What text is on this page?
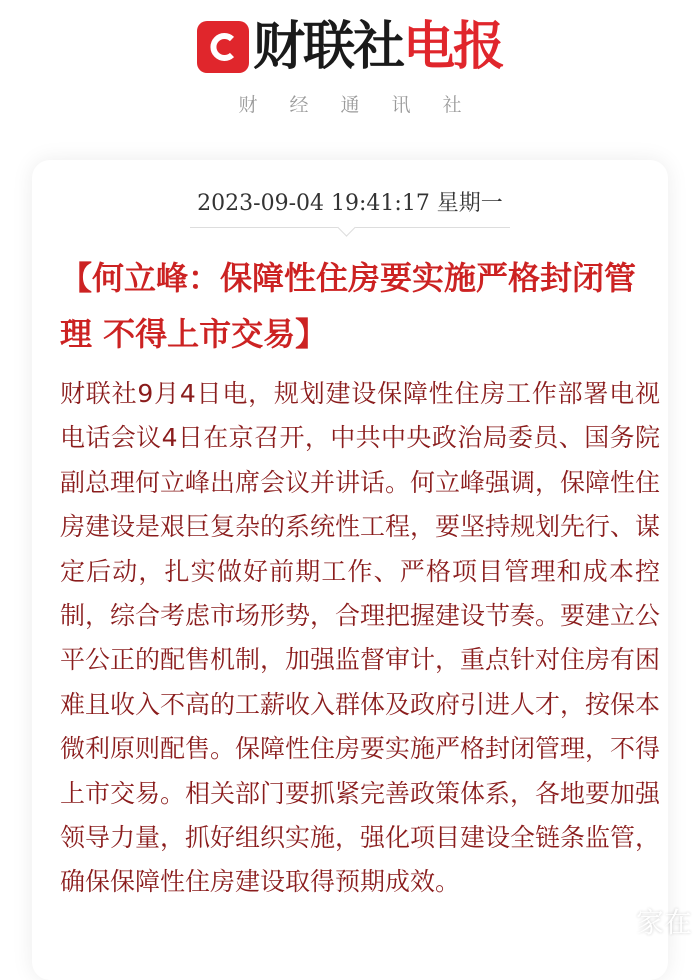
财联社 电报
财经通讯社
2023-09-04 19:41:17 星期一
【何立峰：保障性住房要实施严格封闭管理 不得上市交易】

财联社9月4日电，规划建设保障性住房工作部署电视电话会议4日在京召开，中共中央政治局委员、国务院副总理何立峰出席会议并讲话。何立峰强调，保障性住房建设是艰巨复杂的系统性工程，要坚持规划先行、谋定后动，扎实做好前期工作、严格项目管理和成本控制，综合考虑市场形势，合理把握建设节奏。要建立公平公正的配售机制，加强监督审计，重点针对住房有困难且收入不高的工薪收入群体及政府引进人才，按保本微利原则配售。保障性住房要实施严格封闭管理，不得上市交易。相关部门要抓紧完善政策体系，各地要加强领导力量，抓好组织实施，强化项目建设全链条监管，确保保障性住房建设取得预期成效。

家在
